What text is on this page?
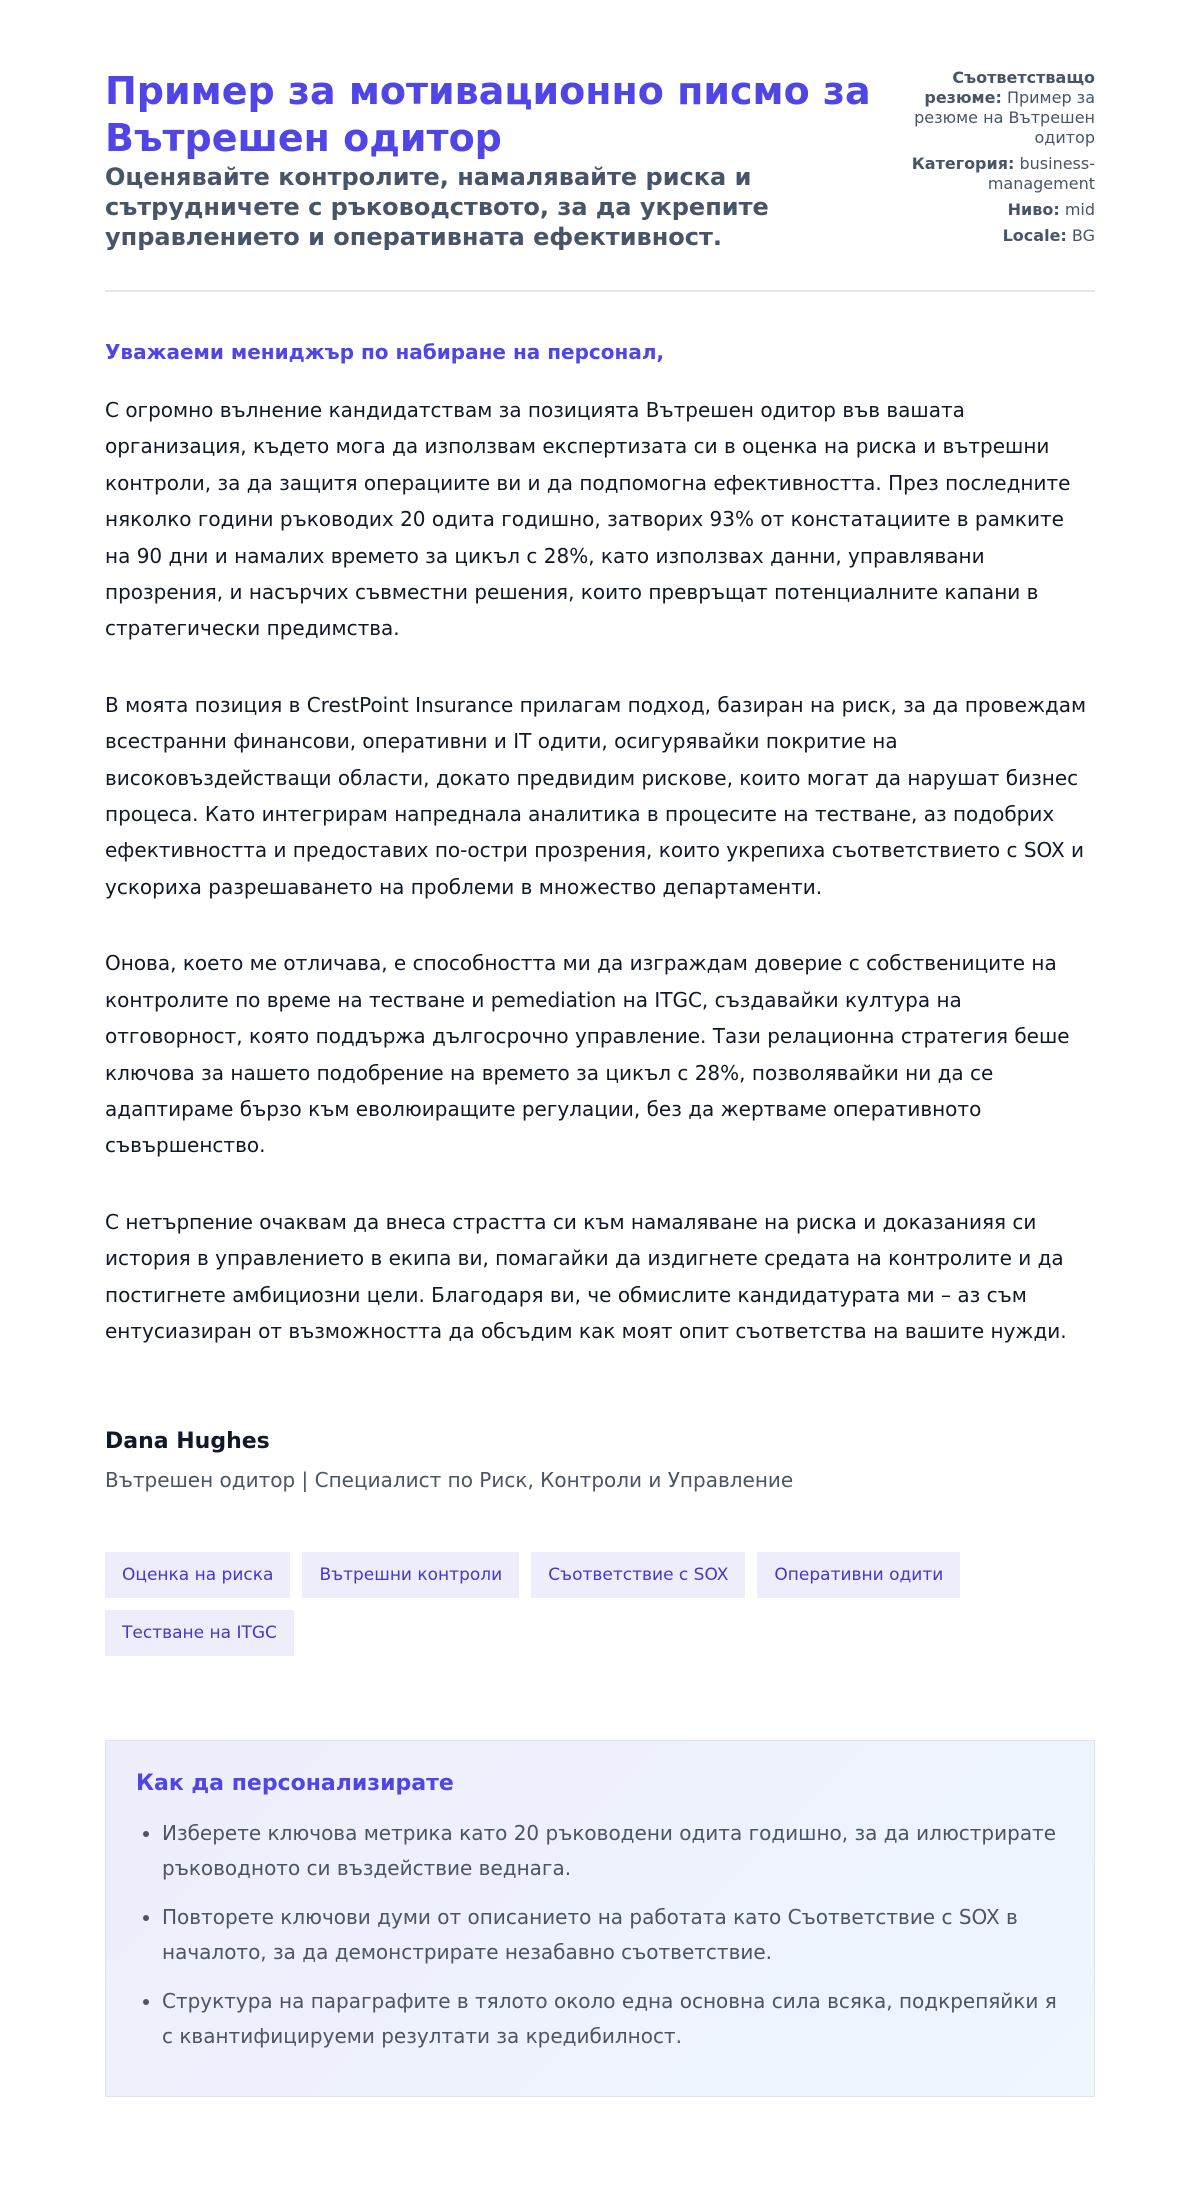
Пример за мотивационно писмо за Вътрешен одитор
Оценявайте контролите, намалявайте риска и сътрудничете с ръководството, за да укрепите управлението и оперативната ефективност.

Съответстващо резюме: Пример за резюме на Вътрешен одитор

Категория: business-management

Ниво: mid

Locale: BG

Уважаеми мениджър по набиране на персонал,

С огромно вълнение кандидатствам за позицията Вътрешен одитор във вашата организация, където мога да използвам експертизата си в оценка на риска и вътрешни контроли, за да защитя операциите ви и да подпомогна ефективността. През последните няколко години ръководих 20 одита годишно, затворих 93% от констатациите в рамките на 90 дни и намалих времето за цикъл с 28%, като използвах данни, управлявани прозрения, и насърчих съвместни решения, които превръщат потенциалните капани в стратегически предимства.

В моята позиция в CrestPoint Insurance прилагам подход, базиран на риск, за да провеждам всестранни финансови, оперативни и IT одити, осигурявайки покритие на високовъздействащи области, докато предвидим рискове, които могат да нарушат бизнес процеса. Като интегрирам напреднала аналитика в процесите на тестване, аз подобрих ефективността и предоставих по-остри прозрения, които укрепиха съответствието с SOX и ускориха разрешаването на проблеми в множество департаменти.

Онова, което ме отличава, е способността ми да изграждам доверие с собствениците на контролите по време на тестване и pemediation на ITGC, създавайки култура на отговорност, която поддържа дългосрочно управление. Тази релационна стратегия беше ключова за нашето подобрение на времето за цикъл с 28%, позволявайки ни да се адаптираме бързо към еволюиращите регулации, без да жертваме оперативното съвършенство.

С нетърпение очаквам да внеса страстта си към намаляване на риска и доказанияя си история в управлението в екипа ви, помагайки да издигнете средата на контролите и да постигнете амбициозни цели. Благодаря ви, че обмислите кандидатурата ми – аз съм ентусиазиран от възможността да обсъдим как моят опит съответства на вашите нужди.

Dana Hughes
Вътрешен одитор | Специалист по Риск, Контроли и Управление
Оценка на риска	Вътрешни контроли	Съответствие с SOX	Оперативни одити
Тестване на ITGC
Как да персонализирате
• Изберете ключова метрика като 20 ръководени одита годишно, за да илюстрирате ръководното си въздействие веднага.
• Повторете ключови думи от описанието на работата като Съответствие с SOX в началото, за да демонстрирате незабавно съответствие.
• Структура на параграфите в тялото около една основна сила всяка, подкрепяйки я с квантифицируеми резултати за кредибилност.
